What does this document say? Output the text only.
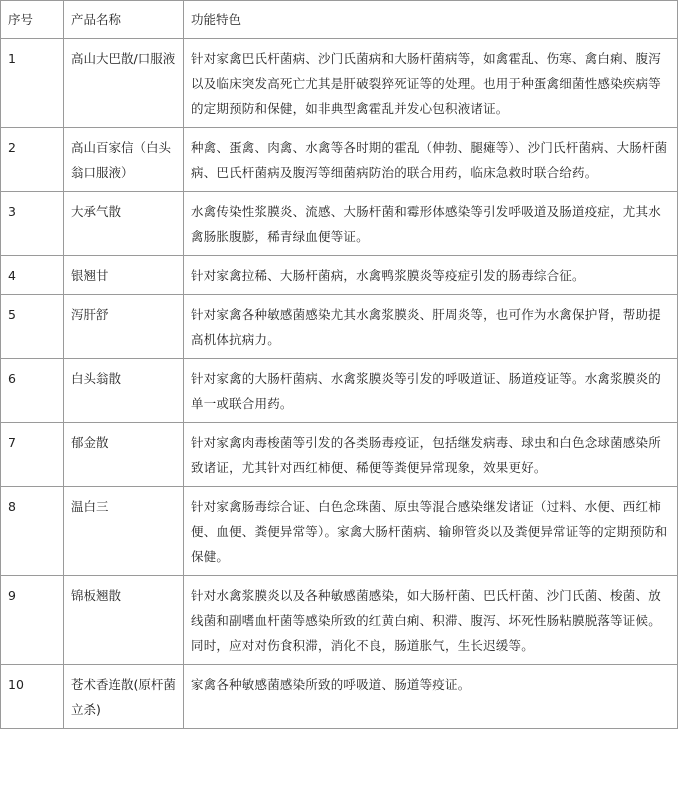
序号	产品名称	功能特色
1	高山大巴散/口服液	针对家禽巴氏杆菌病、沙门氏菌病和大肠杆菌病等，如禽霍乱、伤寒、禽白痢、腹泻以及临床突发高死亡尤其是肝破裂猝死证等的处理。也用于种蛋禽细菌性感染疾病等的定期预防和保健，如非典型禽霍乱并发心包积液诸证。
2	高山百家信（白头翁口服液）	种禽、蛋禽、肉禽、水禽等各时期的霍乱（伸勃、腿瘫等）、沙门氏杆菌病、大肠杆菌病、巴氏杆菌病及腹泻等细菌病防治的联合用药，临床急救时联合给药。
3	大承气散	水禽传染性浆膜炎、流感、大肠杆菌和霉形体感染等引发呼吸道及肠道疫症，尤其水禽肠胀腹膨，稀青绿血便等证。
4	银翘甘	针对家禽拉稀、大肠杆菌病，水禽鸭浆膜炎等疫症引发的肠毒综合征。
5	泻肝舒	针对家禽各种敏感菌感染尤其水禽浆膜炎、肝周炎等，也可作为水禽保护肾，帮助提高机体抗病力。
6	白头翁散	针对家禽的大肠杆菌病、水禽浆膜炎等引发的呼吸道证、肠道疫证等。水禽浆膜炎的单一或联合用药。
7	郁金散	针对家禽肉毒梭菌等引发的各类肠毒疫证，包括继发病毒、球虫和白色念球菌感染所致诸证，尤其针对西红柿便、稀便等粪便异常现象，效果更好。
8	温白三	针对家禽肠毒综合证、白色念珠菌、原虫等混合感染继发诸证（过料、水便、西红柿便、血便、粪便异常等）。家禽大肠杆菌病、输卵管炎以及粪便异常证等的定期预防和保健。
9	锦板翘散	针对水禽浆膜炎以及各种敏感菌感染，如大肠杆菌、巴氏杆菌、沙门氏菌、梭菌、放线菌和副嗜血杆菌等感染所致的红黄白痢、积滞、腹泻、坏死性肠粘膜脱落等证候。同时，应对对伤食积滞，消化不良，肠道胀气，生长迟缓等。
10	苍术香连散(原杆菌立杀)	家禽各种敏感菌感染所致的呼吸道、肠道等疫证。
